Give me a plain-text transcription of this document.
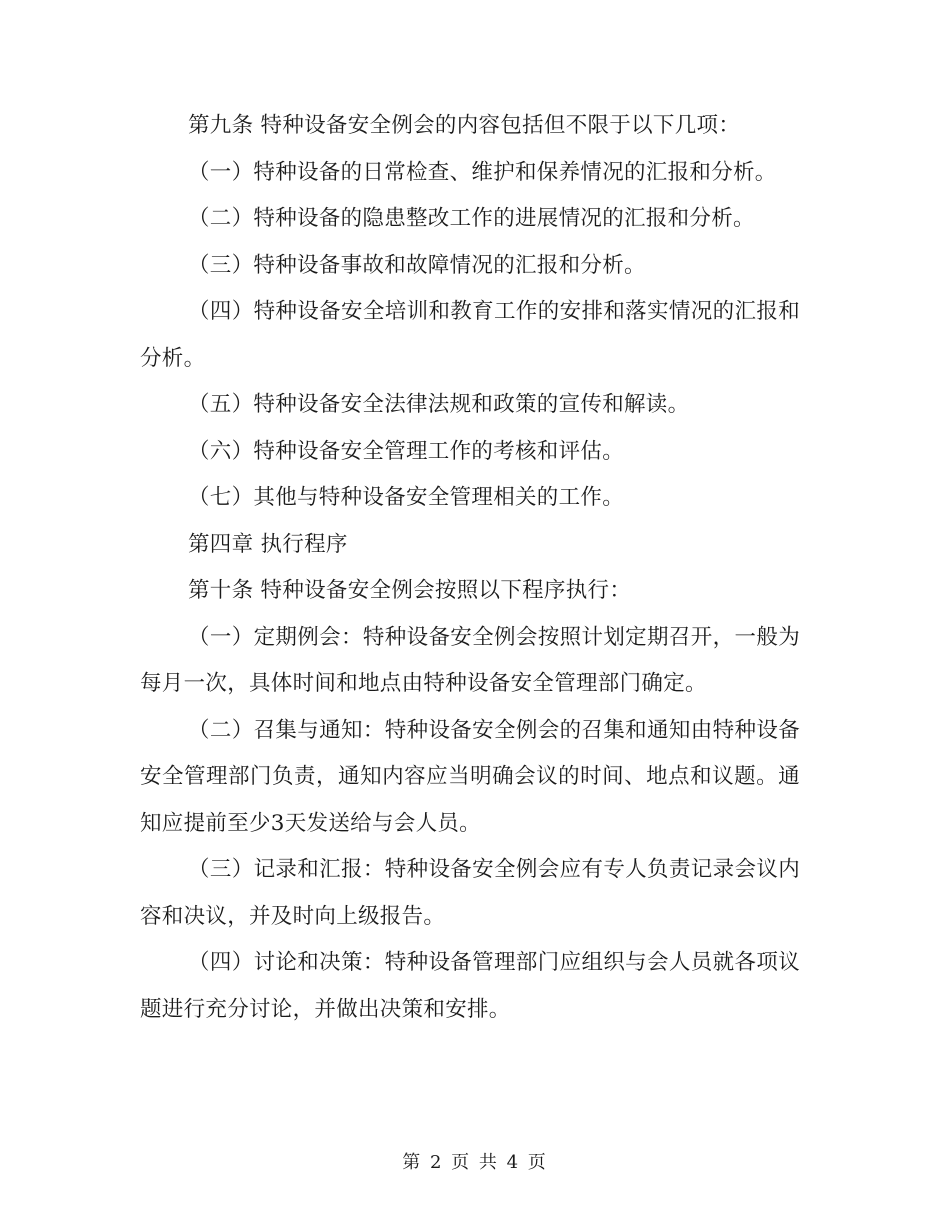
第九条 特种设备安全例会的内容包括但不限于以下几项：

（一）特种设备的日常检查、维护和保养情况的汇报和分析。

（二）特种设备的隐患整改工作的进展情况的汇报和分析。

（三）特种设备事故和故障情况的汇报和分析。

（四）特种设备安全培训和教育工作的安排和落实情况的汇报和分析。

（五）特种设备安全法律法规和政策的宣传和解读。

（六）特种设备安全管理工作的考核和评估。

（七）其他与特种设备安全管理相关的工作。

第四章 执行程序

第十条 特种设备安全例会按照以下程序执行：

（一）定期例会：特种设备安全例会按照计划定期召开，一般为每月一次，具体时间和地点由特种设备安全管理部门确定。

（二）召集与通知：特种设备安全例会的召集和通知由特种设备安全管理部门负责，通知内容应当明确会议的时间、地点和议题。通知应提前至少3天发送给与会人员。

（三）记录和汇报：特种设备安全例会应有专人负责记录会议内容和决议，并及时向上级报告。

（四）讨论和决策：特种设备管理部门应组织与会人员就各项议题进行充分讨论，并做出决策和安排。

第 2 页 共 4 页
